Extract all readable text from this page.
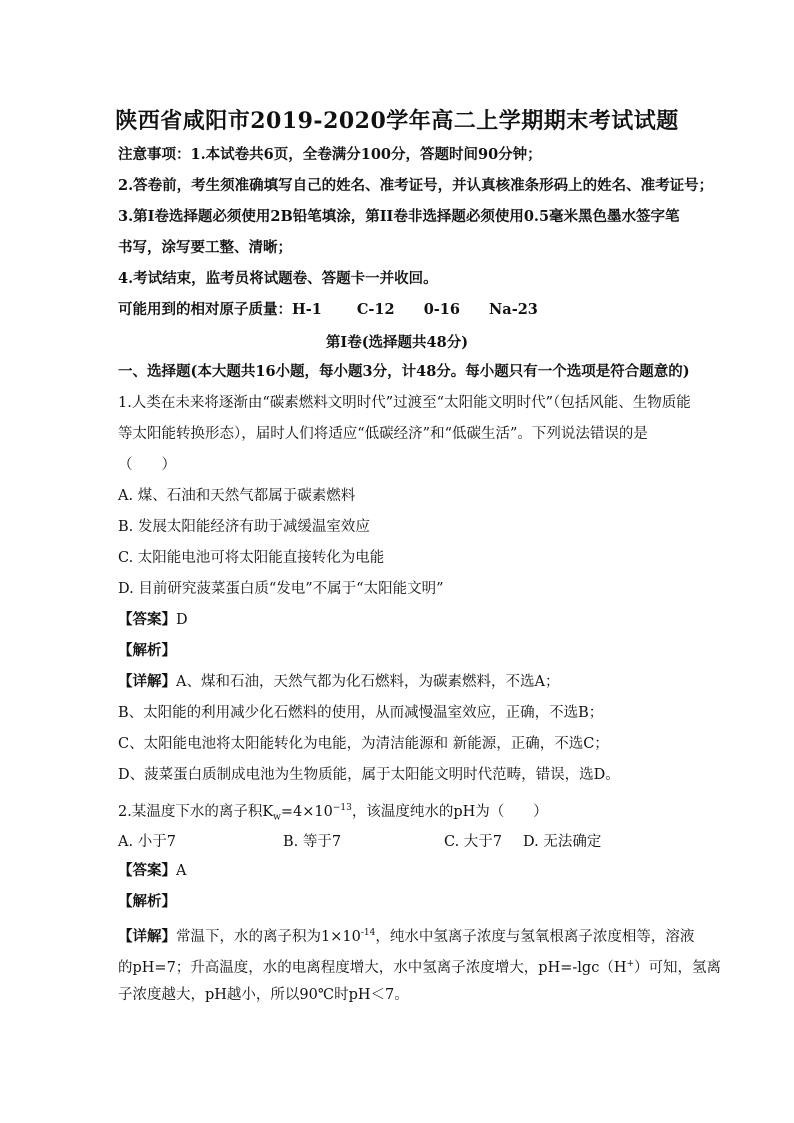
陕西省咸阳市2019-2020学年高二上学期期末考试试题
注意事项：1.本试卷共6页，全卷满分100分，答题时间90分钟；
2.答卷前，考生须准确填写自己的姓名、准考证号，并认真核准条形码上的姓名、准考证号；
3.第I卷选择题必须使用2B铅笔填涂，第II卷非选择题必须使用0.5毫米黑色墨水签字笔
书写，涂写要工整、清晰；
4.考试结束，监考员将试题卷、答题卡一并收回。
可能用到的相对原子质量：H-1 C-12 0-16 Na-23
第I卷(选择题共48分)
一、选择题(本大题共16小题，每小题3分，计48分。每小题只有一个选项是符合题意的)
1.人类在未来将逐渐由“碳素燃料文明时代”过渡至“太阳能文明时代”（包括风能、生物质能
等太阳能转换形态），届时人们将适应“低碳经济”和“低碳生活”。下列说法错误的是
（　　）
A. 煤、石油和天然气都属于碳素燃料
B. 发展太阳能经济有助于减缓温室效应
C. 太阳能电池可将太阳能直接转化为电能
D. 目前研究菠菜蛋白质“发电”不属于“太阳能文明”
【答案】D
【解析】
【详解】A、煤和石油，天然气都为化石燃料，为碳素燃料，不选A；
B、太阳能的利用减少化石燃料的使用，从而减慢温室效应，正确，不选B；
C、太阳能电池将太阳能转化为电能，为清洁能源和 新能源，正确，不选C；
D、菠菜蛋白质制成电池为生物质能，属于太阳能文明时代范畴，错误，选D。
2.某温度下水的离子积$K_w=4\times 10^{-13}$，该温度纯水的pH为（　　）
A. 小于7	B. 等于7	C. 大于7 D. 无法确定
【答案】A
【解析】
【详解】常温下，水的离子积为$1\times 10^{-14}$，纯水中氢离子浓度与氢氧根离子浓度相等，溶液
的pH=7；升高温度，水的电离程度增大，水中氢离子浓度增大，pH=-lgc（H+）可知，氢离
子浓度越大，pH越小，所以90℃时pH＜7。
